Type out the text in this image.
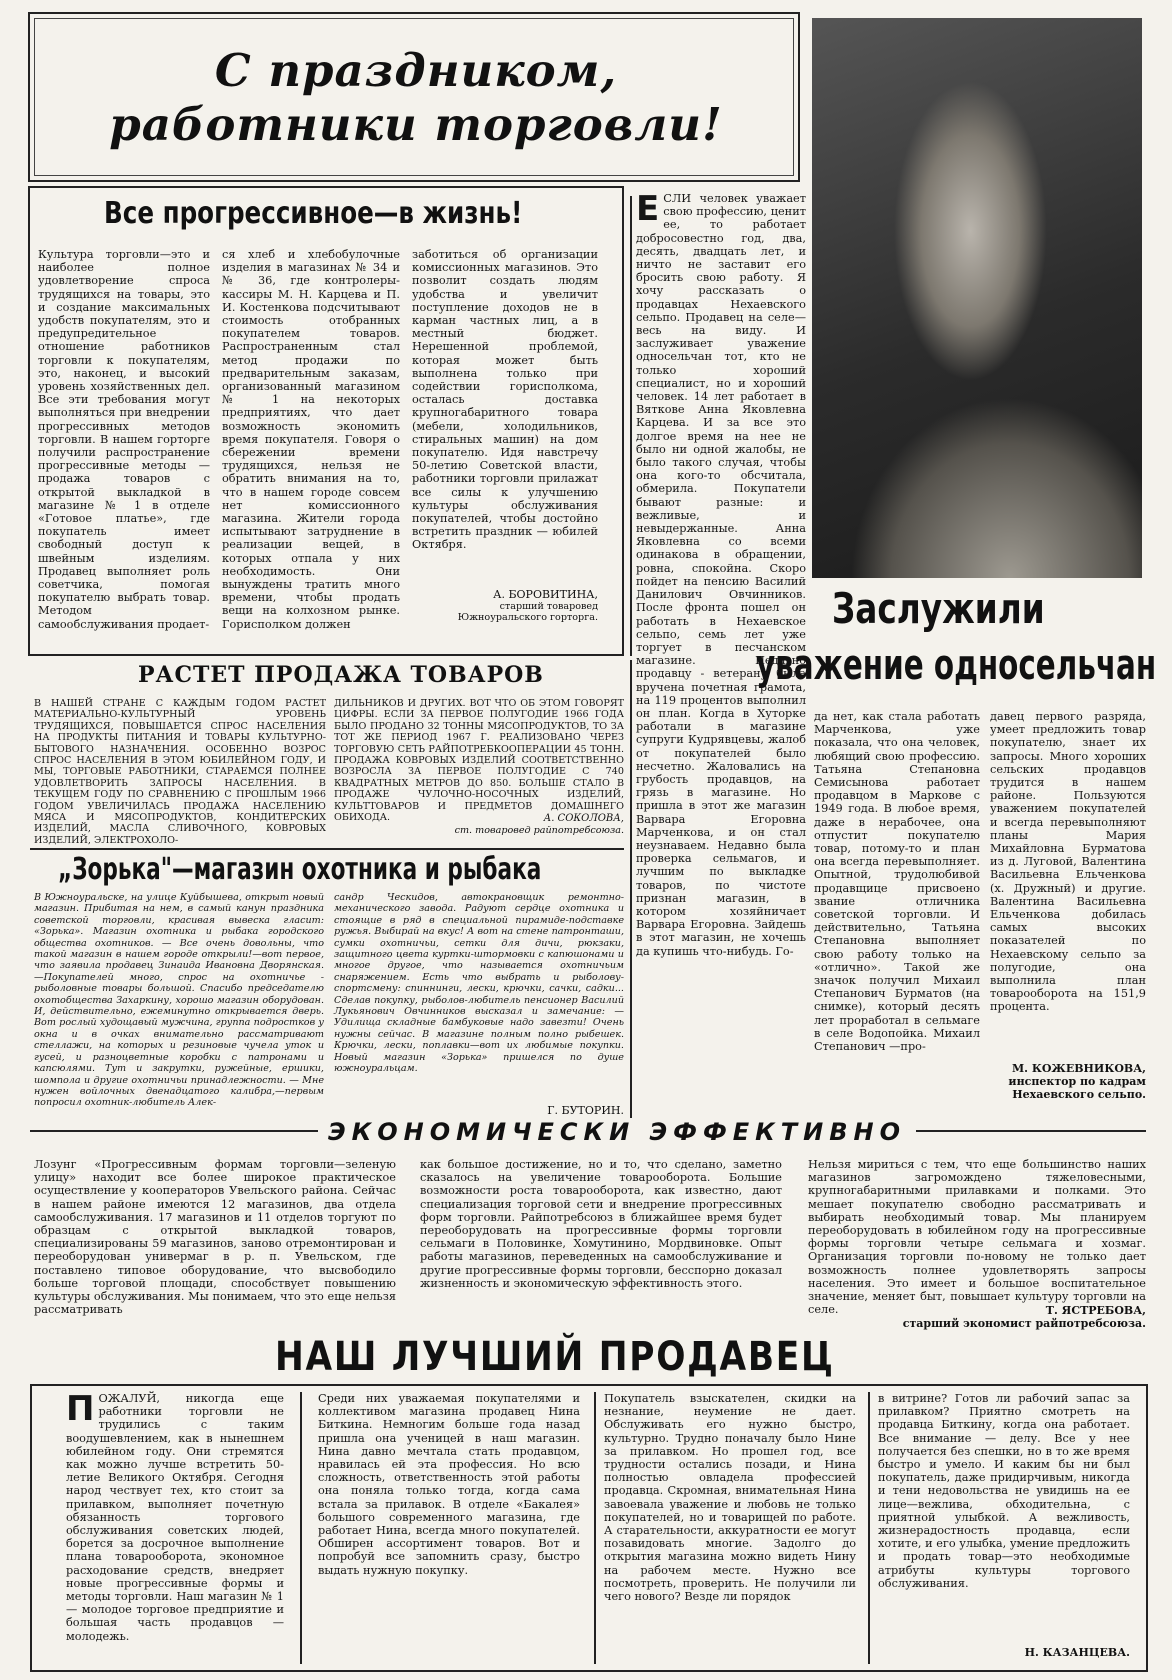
С праздником,
работники торговли!
Все прогрессивное—в жизнь!
Культура торговли—это и наиболее полное удовлетворение спроса трудящихся на товары, это и создание максимальных удобств покупателям, это и предупредительное отношение работников торговли к покупателям, это, наконец, и высокий уровень хозяйственных дел. Все эти требования могут выполняться при внедрении прогрессивных методов торговли. В нашем горторге получили распространение прогрессивные методы — продажа товаров с открытой выкладкой в магазине № 1 в отделе «Готовое платье», где покупатель имеет свободный доступ к швейным изделиям. Продавец выполняет роль советчика, помогая покупателю выбрать товар. Методом самообслуживания продает-
ся хлеб и хлебобулочные изделия в магазинах № 34 и № 36, где контролеры-кассиры М. Н. Карцева и П. И. Костенкова подсчитывают стоимость отобранных покупателем товаров. Распространенным стал метод продажи по предварительным заказам, организованный магазином № 1 на некоторых предприятиях, что дает возможность экономить время покупателя. Говоря о сбережении времени трудящихся, нельзя не обратить внимания на то, что в нашем городе совсем нет комиссионного магазина. Жители города испытывают затруднение в реализации вещей, в которых отпала у них необходимость. Они вынуждены тратить много времени, чтобы продать вещи на колхозном рынке. Горисполком должен
заботиться об организации комиссионных магазинов. Это позволит создать людям удобства и увеличит поступление доходов не в карман частных лиц, а в местный бюджет. Нерешенной проблемой, которая может быть выполнена только при содействии горисполкома, осталась доставка крупногабаритного товара (мебели, холодильников, стиральных машин) на дом покупателю. Идя навстречу 50-летию Советской власти, работники торговли прилажат все силы к улучшению культуры обслуживания покупателей, чтобы достойно встретить праздник — юбилей Октября.
А. БОРОВИТИНА,
старший товаровед Южноуральского горторга.
Е СЛИ человек уважает свою профессию, ценит ее, то работает добросовестно год, два, десять, двадцать лет, и ничто не заставит его бросить свою работу. Я хочу рассказать о продавцах Нехаевского сельпо. Продавец на селе—весь на виду. И заслуживает уважение односельчан тот, кто не только хороший специалист, но и хороший человек. 14 лет работает в Вяткове Анна Яковлевна Карцева. И за все это долгое время на нее не было ни одной жалобы, не было такого случая, чтобы она кого-то обсчитала, обмерила. Покупатели бывают разные: и вежливые, и невыдержанные. Анна Яковлевна со всеми одинакова в обращении, ровна, спокойна. Скоро пойдет на пенсию Василий Данилович Овчинников. После фронта пошел он работать в Нехаевское сельпо, семь лет уже торгует в песчанском магазине. Недавно продавцу - ветерану была вручена почетная грамота, на 119 процентов выполнил он план. Когда в Хуторке работали в магазине супруги Кудрявцевы, жалоб от покупателей было несчетно. Жаловались на грубость продавцов, на грязь в магазине. Но пришла в этот же магазин Варвара Егоровна Марченкова, и он стал неузнаваем. Недавно была проверка сельмагов, и лучшим по выкладке товаров, по чистоте признан магазин, в котором хозяйничает Варвара Егоровна. Зайдешь в этот магазин, не хочешь да купишь что-нибудь. Го-
Заслужили
уважение односельчан
да нет, как стала работать Марченкова, уже показала, что она человек, любящий свою профессию. Татьяна Степановна Семисынова работает продавцом в Маркове с 1949 года. В любое время, даже в нерабочее, она отпустит покупателю товар, потому-то и план она всегда перевыполняет. Опытной, трудолюбивой продавщице присвоено звание отличника советской торговли. И действительно, Татьяна Степановна выполняет свою работу только на «отлично». Такой же значок получил Михаил Степанович Бурматов (на снимке), который десять лет проработал в сельмаге в селе Водопойка. Михаил Степанович —про-
давец первого разряда, умеет предложить товар покупателю, знает их запросы. Много хороших сельских продавцов трудится в нашем районе. Пользуются уважением покупателей и всегда перевыполняют планы Мария Михайловна Бурматова из д. Луговой, Валентина Васильевна Ельченкова (х. Дружный) и другие. Валентина Васильевна Ельченкова добилась самых высоких показателей по Нехаевскому сельпо за полугодие, она выполнила план товарооборота на 151,9 процента.
М. КОЖЕВНИКОВА,
инспектор по кадрам Нехаевского сельпо.
РАСТЕТ ПРОДАЖА ТОВАРОВ
В НАШЕЙ СТРАНЕ С КАЖДЫМ ГОДОМ РАСТЕТ МАТЕРИАЛЬНО-КУЛЬТУРНЫЙ УРОВЕНЬ ТРУДЯЩИХСЯ, ПОВЫШАЕТСЯ СПРОС НАСЕЛЕНИЯ НА ПРОДУКТЫ ПИТАНИЯ И ТОВАРЫ КУЛЬТУРНО-БЫТОВОГО НАЗНАЧЕНИЯ. ОСОБЕННО ВОЗРОС СПРОС НАСЕЛЕНИЯ В ЭТОМ ЮБИЛЕЙНОМ ГОДУ, И МЫ, ТОРГОВЫЕ РАБОТНИКИ, СТАРАЕМСЯ ПОЛНЕЕ УДОВЛЕТВОРИТЬ ЗАПРОСЫ НАСЕЛЕНИЯ. В ТЕКУЩЕМ ГОДУ ПО СРАВНЕНИЮ С ПРОШЛЫМ 1966 ГОДОМ УВЕЛИЧИЛАСЬ ПРОДАЖА НАСЕЛЕНИЮ МЯСА И МЯСОПРОДУКТОВ, КОНДИТЕРСКИХ ИЗДЕЛИЙ, МАСЛА СЛИВОЧНОГО, КОВРОВЫХ ИЗДЕЛИЙ, ЭЛЕКТРОХОЛО-
ДИЛЬНИКОВ И ДРУГИХ. ВОТ ЧТО ОБ ЭТОМ ГОВОРЯТ ЦИФРЫ. ЕСЛИ ЗА ПЕРВОЕ ПОЛУГОДИЕ 1966 ГОДА БЫЛО ПРОДАНО 32 ТОННЫ МЯСОПРОДУКТОВ, ТО ЗА ТОТ ЖЕ ПЕРИОД 1967 Г. РЕАЛИЗОВАНО ЧЕРЕЗ ТОРГОВУЮ СЕТЬ РАЙПОТРЕБКООПЕРАЦИИ 45 ТОНН. ПРОДАЖА КОВРОВЫХ ИЗДЕЛИЙ СООТВЕТСТВЕННО ВОЗРОСЛА ЗА ПЕРВОЕ ПОЛУГОДИЕ С 740 КВАДРАТНЫХ МЕТРОВ ДО 850. БОЛЬШЕ СТАЛО В ПРОДАЖЕ ЧУЛОЧНО-НОСОЧНЫХ ИЗДЕЛИЙ, КУЛЬТТОВАРОВ И ПРЕДМЕТОВ ДОМАШНЕГО ОБИХОДА.	А. СОКОЛОВА,
ст. товаровед райпотребсоюза.
„Зорька"—магазин охотника и рыбака
В Южноуральске, на улице Куйбышева, открыт новый магазин. Прибитая на нем, в самый канун праздника советской торговли, красивая вывеска гласит: «Зорька». Магазин охотника и рыбака городского общества охотников. — Все очень довольны, что такой магазин в нашем городе открыли!—вот первое, что заявила продавец Зинаида Ивановна Дворянская.—Покупателей много, спрос на охотничье - рыболовные товары большой. Спасибо председателю охотобщества Захаркину, хорошо магазин оборудован. И, действительно, ежеминутно открывается дверь. Вот рослый худощавый мужчина, группа подростков у окна и в очках внимательно рассматривают стеллажи, на которых и резиновые чучела уток и гусей, и разноцветные коробки с патронами и капсюлями. Тут и закрутки, ружейные, ершики, шомпола и другие охотничьи принадлежности. — Мне нужен войлочных двенадцатого калибра,—первым попросил охотник-любитель Алек-
сандр Ческидов, автокрановщик ремонтно-механического завода. Радуют сердце охотника и стоящие в ряд в специальной пирамиде-подставке ружья. Выбирай на вкус! А вот на стене патронташи, сумки охотничьи, сетки для дичи, рюкзаки, защитного цвета куртки-штормовки с капюшонами и многое другое, что называется охотничьим снаряжением. Есть что выбрать и рыболову-спортсмену: спиннинги, лески, крючки, сачки, садки... Сделав покупку, рыболов-любитель пенсионер Василий Лукьянович Овчинников высказал и замечание: — Удилища складные бамбуковые надо завезти! Очень нужны сейчас. В магазине полным полно рыбешек. Крючки, лески, поплавки—вот их любимые покупки. Новый магазин «Зорька» пришелся по душе южноуральцам.
Г. БУТОРИН.
ЭКОНОМИЧЕСКИ ЭФФЕКТИВНО
Лозунг «Прогрессивным формам торговли—зеленую улицу» находит все более широкое практическое осуществление у кооператоров Увельского района. Сейчас в нашем районе имеются 12 магазинов, два отдела самообслуживания. 17 магазинов и 11 отделов торгуют по образцам с открытой выкладкой товаров, специализированы 59 магазинов, заново отремонтирован и переоборудован универмаг в р. п. Увельском, где поставлено типовое оборудование, что высвободило больше торговой площади, способствует повышению культуры обслуживания. Мы понимаем, что это еще нельзя рассматривать
как большое достижение, но и то, что сделано, заметно сказалось на увеличение товарооборота. Большие возможности роста товарооборота, как известно, дают специализация торговой сети и внедрение прогрессивных форм торговли. Райпотребсоюз в ближайшее время будет переоборудовать на прогрессивные формы торговли сельмаги в Половинке, Хомутинино, Мордвиновке. Опыт работы магазинов, переведенных на самообслуживание и другие прогрессивные формы торговли, бесспорно доказал жизненность и экономическую эффективность этого.
Нельзя мириться с тем, что еще большинство наших магазинов загромождено тяжеловесными, крупногабаритными прилавками и полками. Это мешает покупателю свободно рассматривать и выбирать необходимый товар. Мы планируем переоборудовать в юбилейном году на прогрессивные формы торговли четыре сельмага и хозмаг. Организация торговли по-новому не только дает возможность полнее удовлетворять запросы населения. Это имеет и большое воспитательное значение, меняет быт, повышает культуру торговли на селе.	Т. ЯСТРЕБОВА,
старший экономист райпотребсоюза.
НАШ ЛУЧШИЙ ПРОДАВЕЦ
П ОЖАЛУЙ, никогда еще работники торговли не трудились с таким воодушевлением, как в нынешнем юбилейном году. Они стремятся как можно лучше встретить 50-летие Великого Октября. Сегодня народ чествует тех, кто стоит за прилавком, выполняет почетную обязанность торгового обслуживания советских людей, борется за досрочное выполнение плана товарооборота, экономное расходование средств, внедряет новые прогрессивные формы и методы торговли. Наш магазин № 1 — молодое торговое предприятие и большая часть продавцов — молодежь.
Среди них уважаемая покупателями и коллективом магазина продавец Нина Биткина. Немногим больше года назад пришла она ученицей в наш магазин. Нина давно мечтала стать продавцом, нравилась ей эта профессия. Но всю сложность, ответственность этой работы она поняла только тогда, когда сама встала за прилавок. В отделе «Бакалея» большого современного магазина, где работает Нина, всегда много покупателей. Обширен ассортимент товаров. Вот и попробуй все запомнить сразу, быстро выдать нужную покупку.
Покупатель взыскателен, скидки на незнание, неумение не дает. Обслуживать его нужно быстро, культурно. Трудно поначалу было Нине за прилавком. Но прошел год, все трудности остались позади, и Нина полностью овладела профессией продавца. Скромная, внимательная Нина завоевала уважение и любовь не только покупателей, но и товарищей по работе. А старательности, аккуратности ее могут позавидовать многие. Задолго до открытия магазина можно видеть Нину на рабочем месте. Нужно все посмотреть, проверить. Не получили ли чего нового? Везде ли порядок
в витрине? Готов ли рабочий запас за прилавком? Приятно смотреть на продавца Биткину, когда она работает. Все внимание — делу. Все у нее получается без спешки, но в то же время быстро и умело. И каким бы ни был покупатель, даже придирчивым, никогда и тени недовольства не увидишь на ее лице—вежлива, обходительна, с приятной улыбкой. А вежливость, жизнерадостность продавца, если хотите, и его улыбка, умение предложить и продать товар—это необходимые атрибуты культуры торгового обслуживания.
Н. КАЗАНЦЕВА.
